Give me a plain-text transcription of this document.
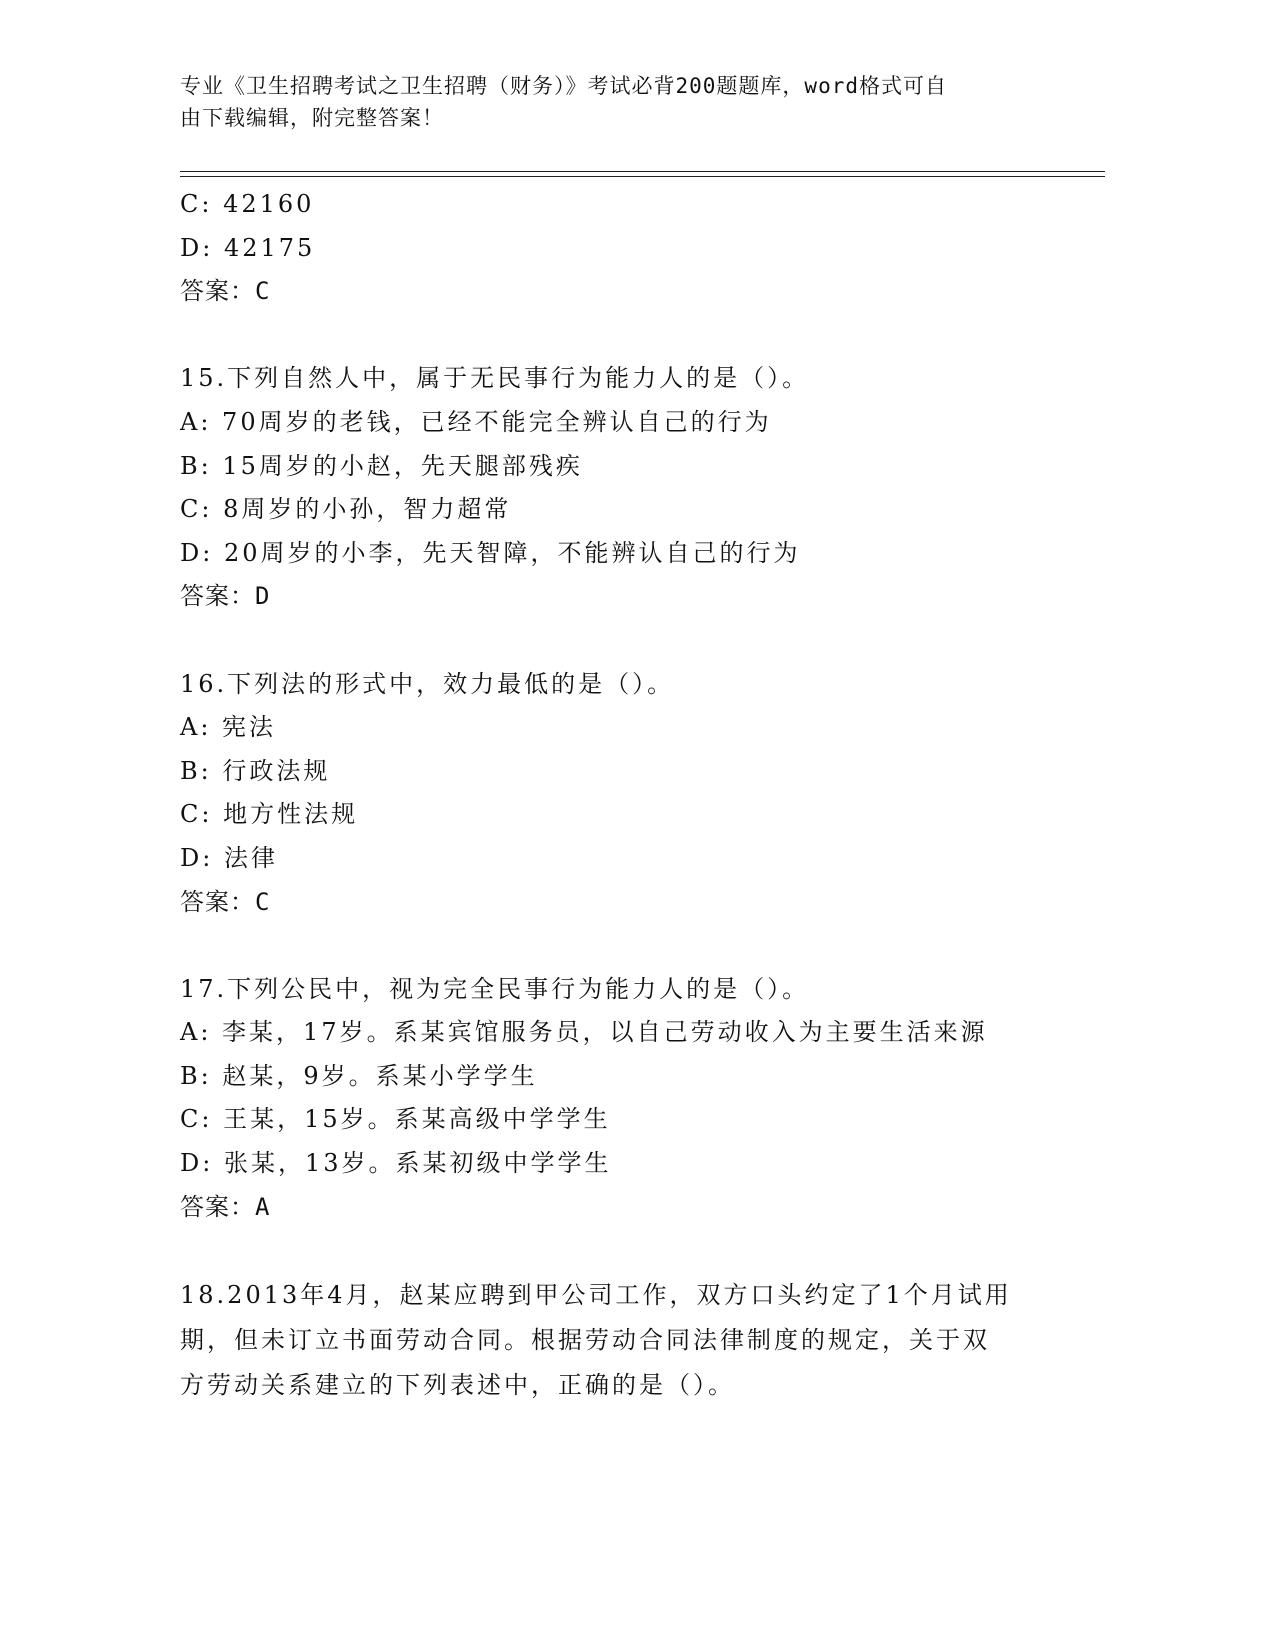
专业《卫生招聘考试之卫生招聘（财务）》考试必背200题题库，word格式可自
由下载编辑，附完整答案！
C: 42160
D: 42175
答案：C
15.下列自然人中，属于无民事行为能力人的是（）。
A: 70周岁的老钱，已经不能完全辨认自己的行为
B: 15周岁的小赵，先天腿部残疾
C: 8周岁的小孙，智力超常
D: 20周岁的小李，先天智障，不能辨认自己的行为
答案：D
16.下列法的形式中，效力最低的是（）。
A: 宪法
B: 行政法规
C: 地方性法规
D: 法律
答案：C
17.下列公民中，视为完全民事行为能力人的是（）。
A: 李某，17岁。系某宾馆服务员，以自己劳动收入为主要生活来源
B: 赵某，9岁。系某小学学生
C: 王某，15岁。系某高级中学学生
D: 张某，13岁。系某初级中学学生
答案：A
18.2013年4月，赵某应聘到甲公司工作，双方口头约定了1个月试用
期，但未订立书面劳动合同。根据劳动合同法律制度的规定，关于双
方劳动关系建立的下列表述中，正确的是（）。
